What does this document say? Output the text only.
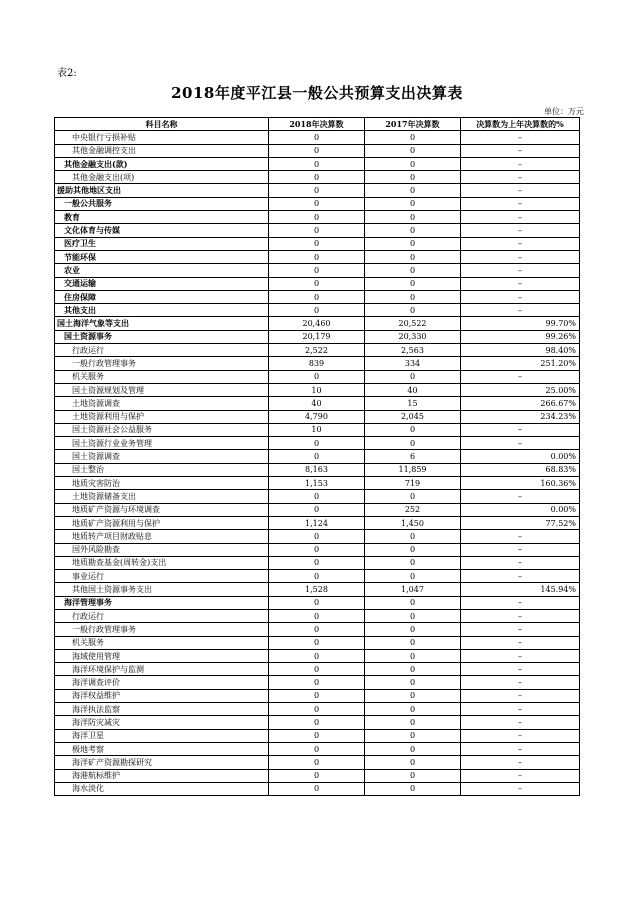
表2:
2018年度平江县一般公共预算支出决算表
单位：万元
科目名称	2018年决算数	2017年决算数	决算数为上年决算数的%
中央银行亏损补贴	0	0	–
其他金融调控支出	0	0	–
其他金融支出(款)	0	0	–
其他金融支出(项)	0	0	–
援助其他地区支出	0	0	–
一般公共服务	0	0	–
教育	0	0	–
文化体育与传媒	0	0	–
医疗卫生	0	0	–
节能环保	0	0	–
农业	0	0	–
交通运输	0	0	–
住房保障	0	0	–
其他支出	0	0	–
国土海洋气象等支出	20,460	20,522	99.70%
国土资源事务	20,179	20,330	99.26%
行政运行	2,522	2,563	98.40%
一般行政管理事务	839	334	251.20%
机关服务	0	0	–
国土资源规划及管理	10	40	25.00%
土地资源调查	40	15	266.67%
土地资源利用与保护	4,790	2,045	234.23%
国土资源社会公益服务	10	0	–
国土资源行业业务管理	0	0	–
国土资源调查	0	6	0.00%
国土整治	8,163	11,859	68.83%
地质灾害防治	1,153	719	160.36%
土地资源储备支出	0	0	–
地质矿产资源与环境调查	0	252	0.00%
地质矿产资源利用与保护	1,124	1,450	77.52%
地质转产项目财政贴息	0	0	–
国外风险勘查	0	0	–
地质勘查基金(周转金)支出	0	0	–
事业运行	0	0	–
其他国土资源事务支出	1,528	1,047	145.94%
海洋管理事务	0	0	–
行政运行	0	0	–
一般行政管理事务	0	0	–
机关服务	0	0	–
海域使用管理	0	0	–
海洋环境保护与监测	0	0	–
海洋调查评价	0	0	–
海洋权益维护	0	0	–
海洋执法监察	0	0	–
海洋防灾减灾	0	0	–
海洋卫星	0	0	–
极地考察	0	0	–
海洋矿产资源勘探研究	0	0	–
海港航标维护	0	0	–
海水淡化	0	0	–
